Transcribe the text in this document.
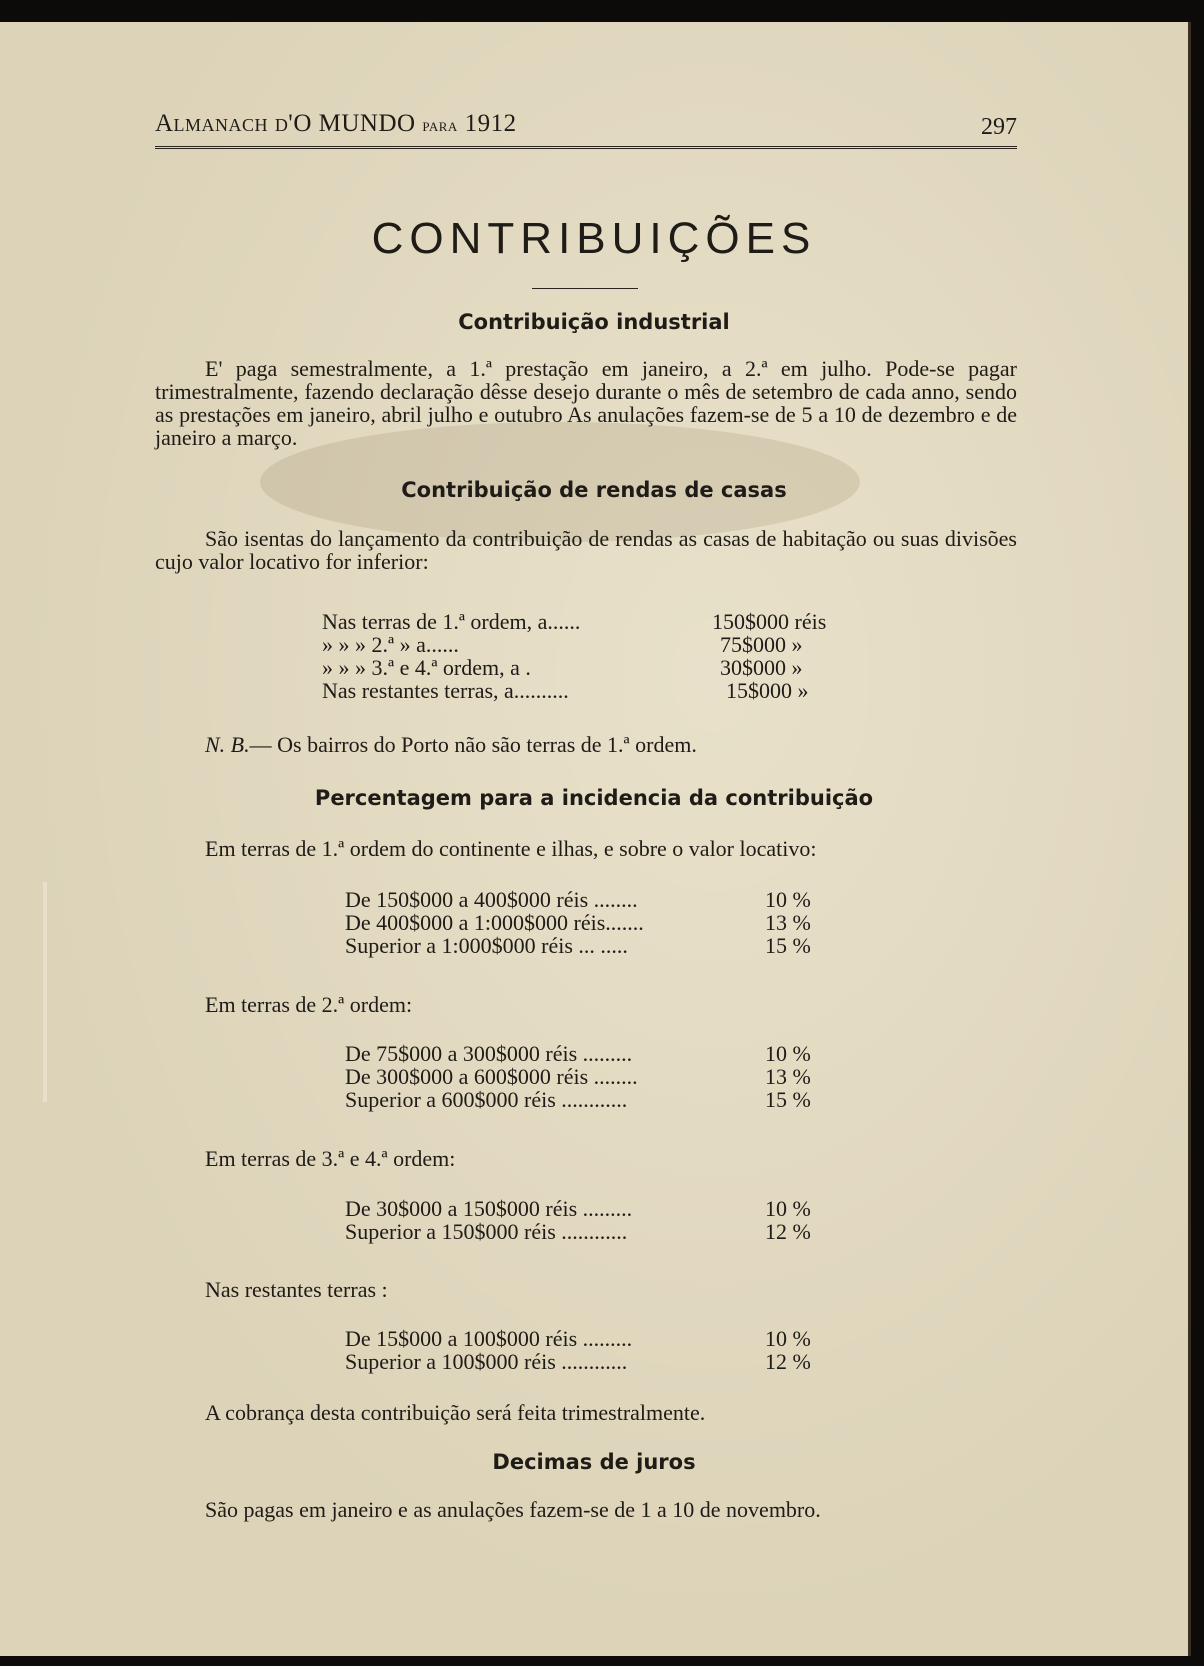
Almanach d'O MUNDO para 1912	297
CONTRIBUIÇÕES
Contribuição industrial
E' paga semestralmente, a 1.ª prestação em janeiro, a 2.ª em julho. Pode-se pagar trimestralmente, fazendo declaração dêsse desejo durante o mês de setembro de cada anno, sendo as prestações em janeiro, abril julho e outubro As anulações fazem-se de 5 a 10 de dezembro e de janeiro a março.
Contribuição de rendas de casas
São isentas do lançamento da contribuição de rendas as casas de habitação ou suas divisões cujo valor locativo for inferior:
Nas terras de 1.ª ordem, a......	150$000 réis
» » » 2.ª » a......	75$000 »
» » » 3.ª e 4.ª ordem, a .	30$000 »
Nas restantes terras, a..........	15$000 »
N. B.— Os bairros do Porto não são terras de 1.ª ordem.
Percentagem para a incidencia da contribuição
Em terras de 1.ª ordem do continente e ilhas, e sobre o valor locativo:
De 150$000 a 400$000 réis ........	10 %
De 400$000 a 1:000$000 réis.......	13 %
Superior a 1:000$000 réis ... .....	15 %
Em terras de 2.ª ordem:
De 75$000 a 300$000 réis .........	10 %
De 300$000 a 600$000 réis ........	13 %
Superior a 600$000 réis ............	15 %
Em terras de 3.ª e 4.ª ordem:
De 30$000 a 150$000 réis .........	10 %
Superior a 150$000 réis ............	12 %
Nas restantes terras :
De 15$000 a 100$000 réis .........	10 %
Superior a 100$000 réis ............	12 %
A cobrança desta contribuição será feita trimestralmente.
Decimas de juros
São pagas em janeiro e as anulações fazem-se de 1 a 10 de novembro.
